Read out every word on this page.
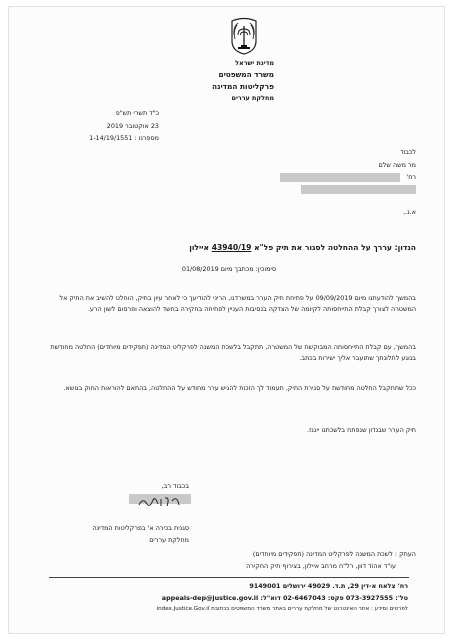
מדינת ישראל
משרד המשפטים
פרקליטות המדינה
מחלקת עררים
כ"ד תשרי תש"פ
23 אוקטובר 2019
מספרנו : 1-14/19/1551
לכבוד
מר משה שלם
רח'
א.נ.,
הנדון: עררך על ההחלטה לסגור את תיק פל"א 43940/19 איילון
סימוכין: מכתבך מיום 01/08/2019
בהמשך להודעתנו מיום 09/09/2019 על פתיחת תיק הערר במשרדנו, הריני להודיעך כי לאחר עיון בתיק, הוחלט להשיב את התיק אל המשטרה לצורך קבלת התייחסותה לקיומה של הצדקה בנסיבות העניין לפתיחה בחקירה בחשד להוצאה ופרסום לשון הרע.
בהמשך, עם קבלת התייחסותה המבוקשת של המשטרה, תתקבל בלשכת המשנה לפרקליט המדינה (תפקידים מיוחדים) החלטה מחודשת בנוגע לתלונתך שתועבר אליך ישירות בכתב.
ככל שתתקבל החלטה מחודשת על סגירת התיק, תעמוד לך הזכות להגיש ערר מחודש על ההחלטה, בהתאם להוראות החוק בנושא.
תיק הערר שבנדון שנפתח בלשכתנו ייגנז.
בכבוד רב,
סגנית בכירה א' בפרקליטות המדינה
מחלקת עררים
העתק : לשכת המשנה לפרקליט המדינה (תפקידים מיוחדים)
עו"ד אהוד דוון, רל"ח מרחב איילון, בצירוף תיק החקירה
רח' צלאח א-דין 29, ת.ד. 49029 ירושלים 9149001
טל': 073-3927555 פקס: 02-6467043 דוא"ל: appeals-dep@justice.gov.il
לפרטים ומידע : אתר האינטרנט של מחלקת עררים באתר משרד המשפטים בכתובת index.Justice.Gov.il
